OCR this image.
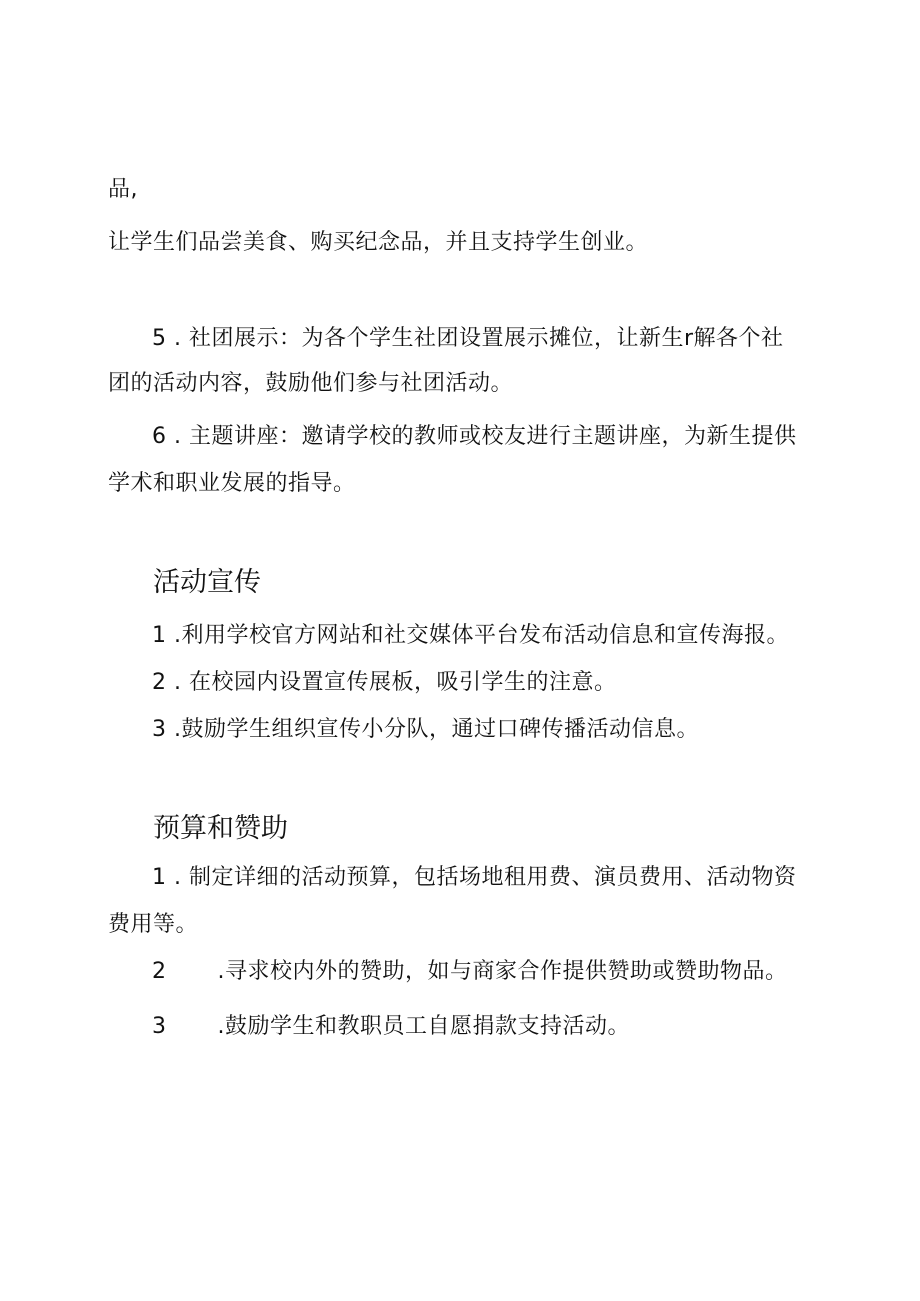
品,
让学生们品尝美食、购买纪念品，并且支持学生创业。
5 . 社团展示：为各个学生社团设置展示摊位，让新生r解各个社
团的活动内容，鼓励他们参与社团活动。
6 . 主题讲座：邀请学校的教师或校友进行主题讲座，为新生提供
学术和职业发展的指导。
活动宣传
1 .利用学校官方网站和社交媒体平台发布活动信息和宣传海报。
2 . 在校园内设置宣传展板，吸引学生的注意。
3 .鼓励学生组织宣传小分队，通过口碑传播活动信息。
预算和赞助
1 . 制定详细的活动预算，包括场地租用费、演员费用、活动物资
费用等。
2 .寻求校内外的赞助，如与商家合作提供赞助或赞助物品。
3 .鼓励学生和教职员工自愿捐款支持活动。
